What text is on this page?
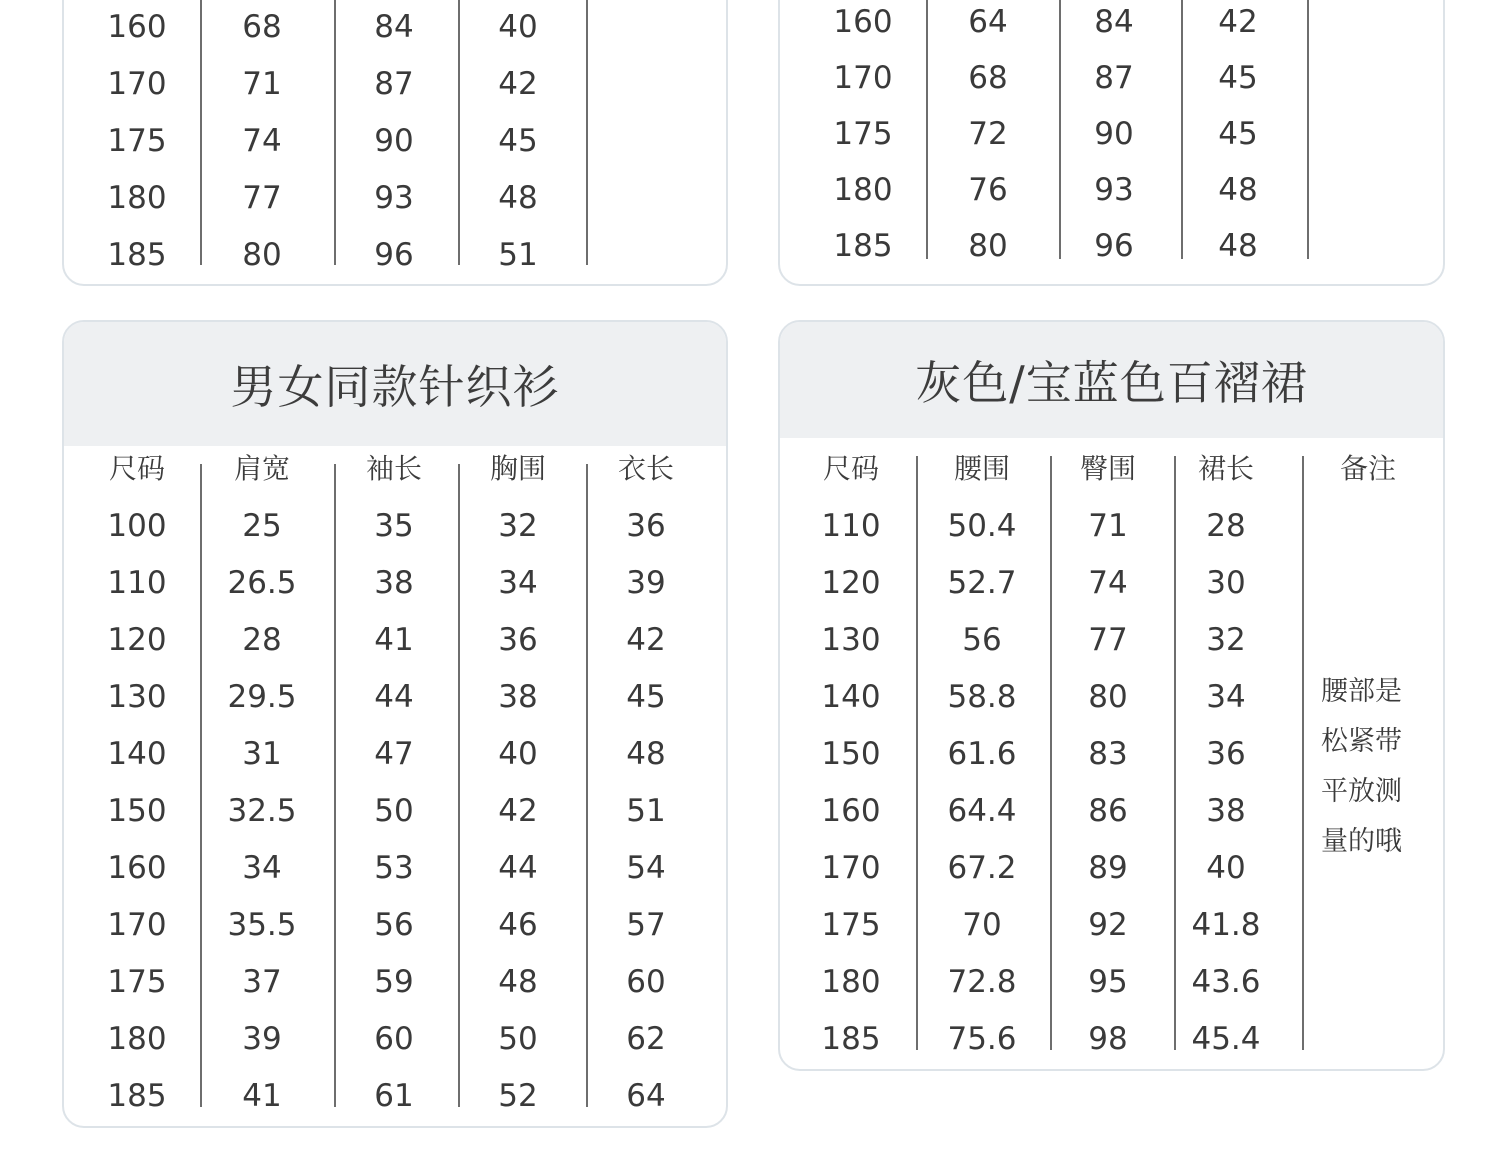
160
170
175
180
185
68
71
74
77
80
84
87
90
93
96
40
42
45
48
51
160
170
175
180
185
64
68
72
76
80
84
87
90
93
96
42
45
45
48
48
男女同款针织衫
尺码
100
110
120
130
140
150
160
170
175
180
185
肩宽
25
26.5
28
29.5
31
32.5
34
35.5
37
39
41
袖长
35
38
41
44
47
50
53
56
59
60
61
胸围
32
34
36
38
40
42
44
46
48
50
52
衣长
36
39
42
45
48
51
54
57
60
62
64
灰色/宝蓝色百褶裙
腰部是
松紧带
平放测
量的哦
尺码
110
120
130
140
150
160
170
175
180
185
腰围
50.4
52.7
56
58.8
61.6
64.4
67.2
70
72.8
75.6
臀围
71
74
77
80
83
86
89
92
95
98
裙长
28
30
32
34
36
38
40
41.8
43.6
45.4
备注
